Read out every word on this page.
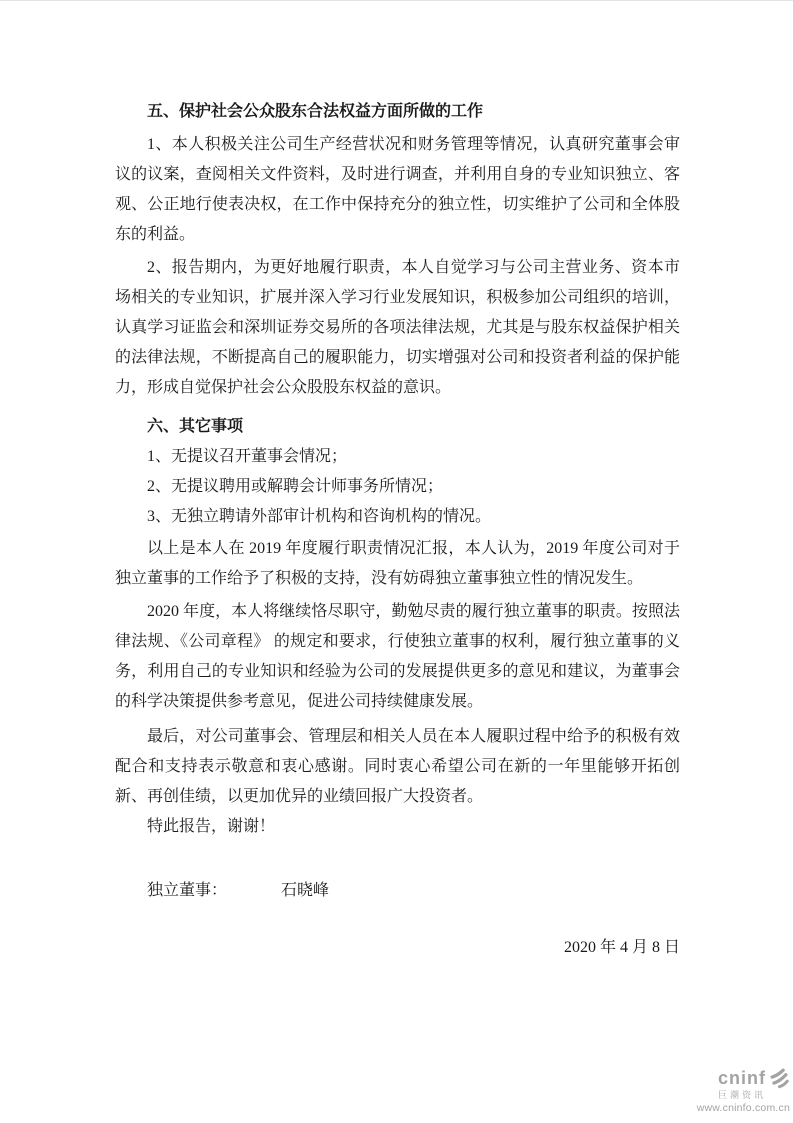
五、保护社会公众股东合法权益方面所做的工作

1、本人积极关注公司生产经营状况和财务管理等情况，认真研究董事会审议的议案，查阅相关文件资料，及时进行调查，并利用自身的专业知识独立、客观、公正地行使表决权，在工作中保持充分的独立性，切实维护了公司和全体股东的利益。

2、报告期内，为更好地履行职责，本人自觉学习与公司主营业务、资本市场相关的专业知识，扩展并深入学习行业发展知识，积极参加公司组织的培训，认真学习证监会和深圳证券交易所的各项法律法规，尤其是与股东权益保护相关的法律法规，不断提高自己的履职能力，切实增强对公司和投资者利益的保护能力，形成自觉保护社会公众股股东权益的意识。

六、其它事项

1、无提议召开董事会情况；

2、无提议聘用或解聘会计师事务所情况；

3、无独立聘请外部审计机构和咨询机构的情况。

以上是本人在 2019 年度履行职责情况汇报，本人认为，2019 年度公司对于独立董事的工作给予了积极的支持，没有妨碍独立董事独立性的情况发生。

2020 年度，本人将继续恪尽职守，勤勉尽责的履行独立董事的职责。按照法律法规、《公司章程》 的规定和要求，行使独立董事的权利，履行独立董事的义务，利用自己的专业知识和经验为公司的发展提供更多的意见和建议，为董事会的科学决策提供参考意见，促进公司持续健康发展。

最后，对公司董事会、管理层和相关人员在本人履职过程中给予的积极有效配合和支持表示敬意和衷心感谢。同时衷心希望公司在新的一年里能够开拓创新、再创佳绩，以更加优异的业绩回报广大投资者。

特此报告，谢谢！

独立董事：	石晓峰
2020 年 4 月 8 日
cninf
巨潮资讯
www.cninfo.com.cn
